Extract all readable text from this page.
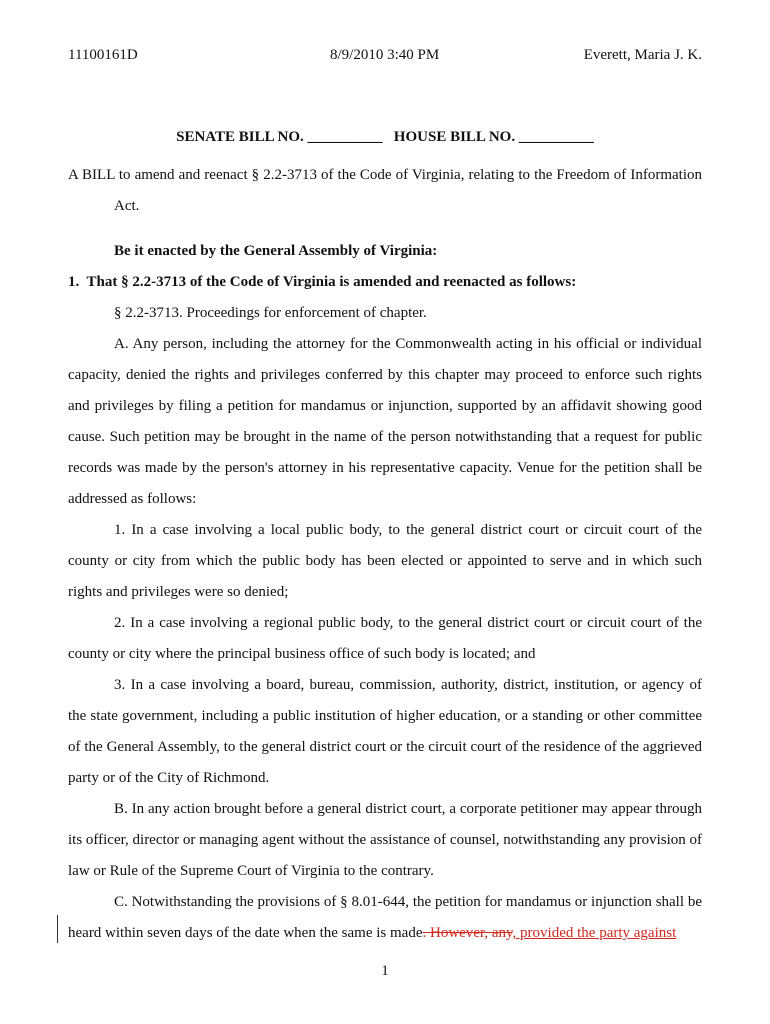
11100161D	8/9/2010 3:40 PM	Everett, Maria J. K.
SENATE BILL NO. __________   HOUSE BILL NO. __________

A BILL to amend and reenact § 2.2-3713 of the Code of Virginia, relating to the Freedom of Information Act.

Be it enacted by the General Assembly of Virginia:

1.  That § 2.2-3713 of the Code of Virginia is amended and reenacted as follows:

§ 2.2-3713. Proceedings for enforcement of chapter.

A. Any person, including the attorney for the Commonwealth acting in his official or individual capacity, denied the rights and privileges conferred by this chapter may proceed to enforce such rights and privileges by filing a petition for mandamus or injunction, supported by an affidavit showing good cause. Such petition may be brought in the name of the person notwithstanding that a request for public records was made by the person's attorney in his representative capacity. Venue for the petition shall be addressed as follows:

1. In a case involving a local public body, to the general district court or circuit court of the county or city from which the public body has been elected or appointed to serve and in which such rights and privileges were so denied;

2. In a case involving a regional public body, to the general district court or circuit court of the county or city where the principal business office of such body is located; and

3. In a case involving a board, bureau, commission, authority, district, institution, or agency of the state government, including a public institution of higher education, or a standing or other committee of the General Assembly, to the general district court or the circuit court of the residence of the aggrieved party or of the City of Richmond.

B. In any action brought before a general district court, a corporate petitioner may appear through its officer, director or managing agent without the assistance of counsel, notwithstanding any provision of law or Rule of the Supreme Court of Virginia to the contrary.

C. Notwithstanding the provisions of § 8.01-644, the petition for mandamus or injunction shall be heard within seven days of the date when the same is made. However, any, provided the party against

1
